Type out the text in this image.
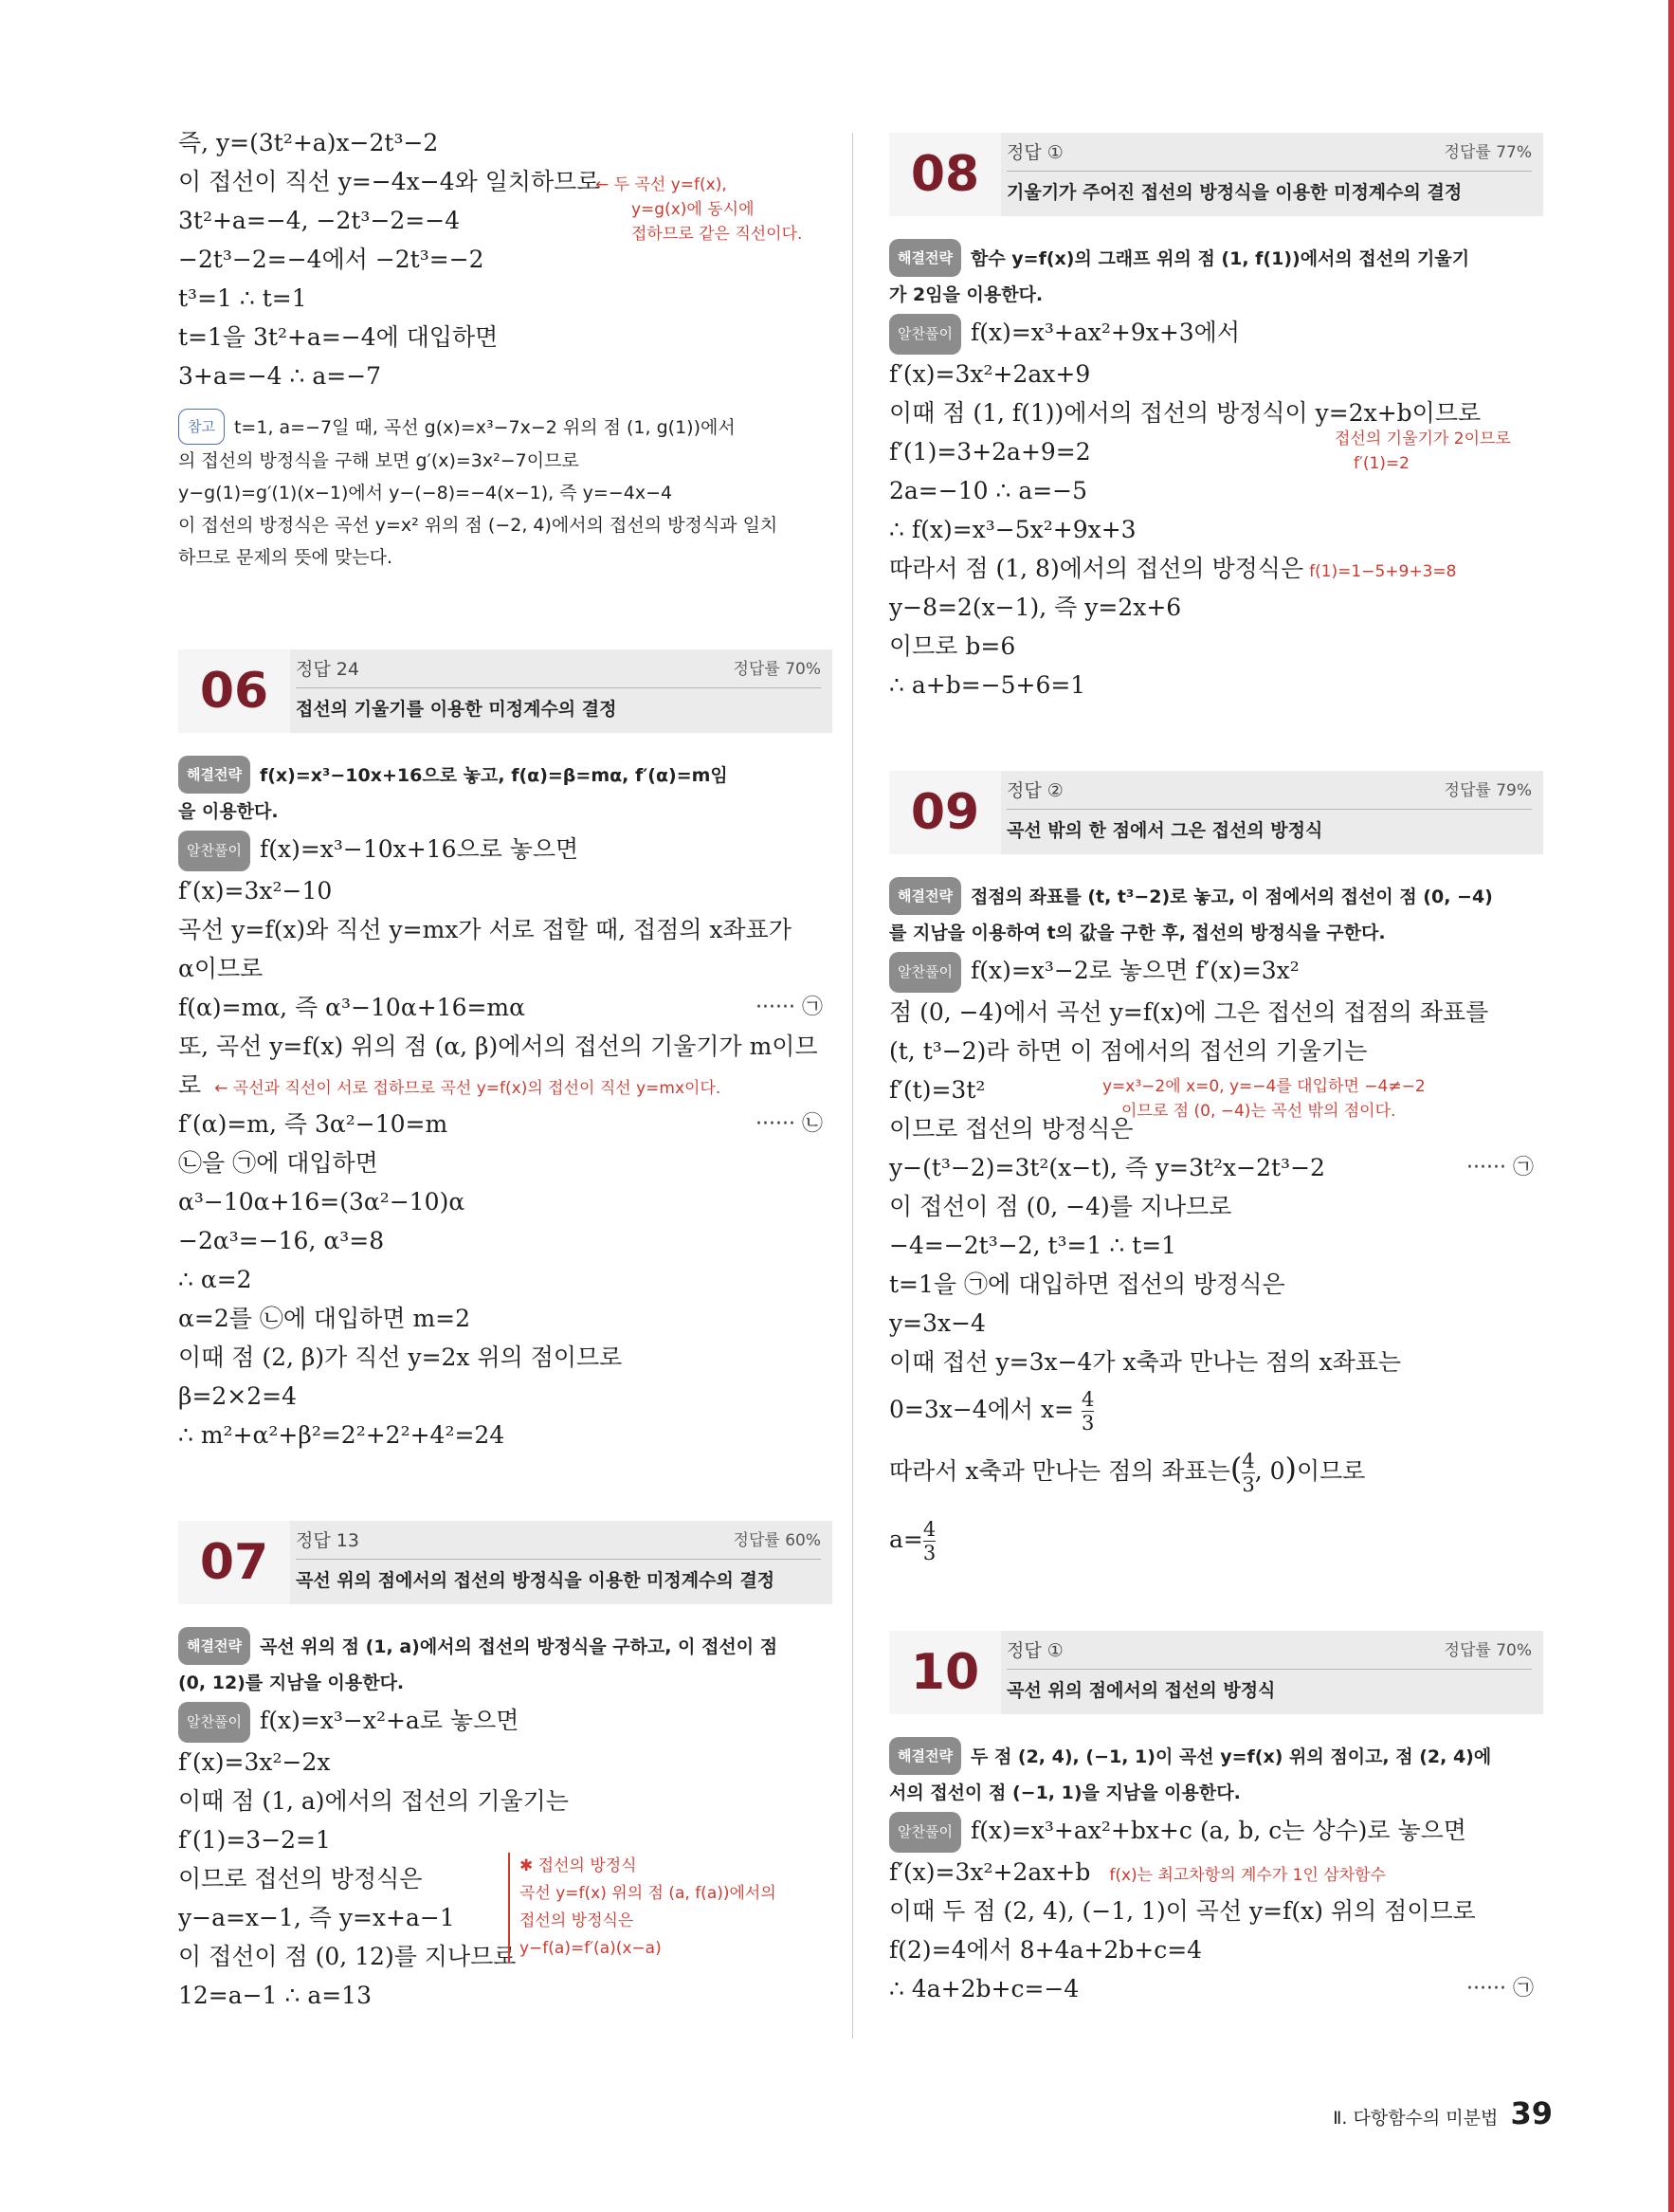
즉, y=(3t²+a)x−2t³−2
이 접선이 직선 y=−4x−4와 일치하므로
3t²+a=−4, −2t³−2=−4
−2t³−2=−4에서 −2t³=−2
t³=1 ∴ t=1
t=1을 3t²+a=−4에 대입하면
3+a=−4 ∴ a=−7
← 두 곡선 y=f(x),
y=g(x)에 동시에
접하므로 같은 직선이다.
참고 t=1, a=−7일 때, 곡선 g(x)=x³−7x−2 위의 점 (1, g(1))에서
의 접선의 방정식을 구해 보면 g′(x)=3x²−7이므로
y−g(1)=g′(1)(x−1)에서 y−(−8)=−4(x−1), 즉 y=−4x−4
이 접선의 방정식은 곡선 y=x² 위의 점 (−2, 4)에서의 접선의 방정식과 일치
하므로 문제의 뜻에 맞는다.
06	정답 24	정답률 70%
접선의 기울기를 이용한 미정계수의 결정
해결전략 f(x)=x³−10x+16으로 놓고, f(α)=β=mα, f′(α)=m임
을 이용한다.
알찬풀이 f(x)=x³−10x+16으로 놓으면
f′(x)=3x²−10
곡선 y=f(x)와 직선 y=mx가 서로 접할 때, 접점의 x좌표가
α이므로
f(α)=mα, 즉 α³−10α+16=mα	······ ㉠
또, 곡선 y=f(x) 위의 점 (α, β)에서의 접선의 기울기가 m이므
로 ← 곡선과 직선이 서로 접하므로 곡선 y=f(x)의 접선이 직선 y=mx이다.
f′(α)=m, 즉 3α²−10=m	······ ㉡
㉡을 ㉠에 대입하면
α³−10α+16=(3α²−10)α
−2α³=−16, α³=8
∴ α=2
α=2를 ㉡에 대입하면 m=2
이때 점 (2, β)가 직선 y=2x 위의 점이므로
β=2×2=4
∴ m²+α²+β²=2²+2²+4²=24
07	정답 13	정답률 60%
곡선 위의 점에서의 접선의 방정식을 이용한 미정계수의 결정
해결전략 곡선 위의 점 (1, a)에서의 접선의 방정식을 구하고, 이 접선이 점
(0, 12)를 지남을 이용한다.
알찬풀이 f(x)=x³−x²+a로 놓으면
f′(x)=3x²−2x
이때 점 (1, a)에서의 접선의 기울기는
f′(1)=3−2=1
이므로 접선의 방정식은
y−a=x−1, 즉 y=x+a−1
이 접선이 점 (0, 12)를 지나므로
12=a−1 ∴ a=13
✱ 접선의 방정식
곡선 y=f(x) 위의 점 (a, f(a))에서의
접선의 방정식은
y−f(a)=f′(a)(x−a)
08	정답 ①	정답률 77%
기울기가 주어진 접선의 방정식을 이용한 미정계수의 결정
해결전략 함수 y=f(x)의 그래프 위의 점 (1, f(1))에서의 접선의 기울기
가 2임을 이용한다.
알찬풀이 f(x)=x³+ax²+9x+3에서
f′(x)=3x²+2ax+9
이때 점 (1, f(1))에서의 접선의 방정식이 y=2x+b이므로
f′(1)=3+2a+9=2
2a=−10 ∴ a=−5
∴ f(x)=x³−5x²+9x+3
따라서 점 (1, 8)에서의 접선의 방정식은 f(1)=1−5+9+3=8
y−8=2(x−1), 즉 y=2x+6
이므로 b=6
∴ a+b=−5+6=1
접선의 기울기가 2이므로
f′(1)=2
09	정답 ②	정답률 79%
곡선 밖의 한 점에서 그은 접선의 방정식
해결전략 접점의 좌표를 (t, t³−2)로 놓고, 이 점에서의 접선이 점 (0, −4)
를 지남을 이용하여 t의 값을 구한 후, 접선의 방정식을 구한다.
알찬풀이 f(x)=x³−2로 놓으면 f′(x)=3x²
점 (0, −4)에서 곡선 y=f(x)에 그은 접선의 접점의 좌표를
(t, t³−2)라 하면 이 점에서의 접선의 기울기는
f′(t)=3t²
이므로 접선의 방정식은
y−(t³−2)=3t²(x−t), 즉 y=3t²x−2t³−2	······ ㉠
이 접선이 점 (0, −4)를 지나므로
−4=−2t³−2, t³=1 ∴ t=1
t=1을 ㉠에 대입하면 접선의 방정식은
y=3x−4
이때 접선 y=3x−4가 x축과 만나는 점의 x좌표는
0=3x−4에서 $x= \frac{4}{3}$
따라서 x축과 만나는 점의 좌표는( $\frac{4}{3}$ , 0)이므로
$a= \frac{4}{3}$
y=x³−2에 x=0, y=−4를 대입하면 −4≠−2
이므로 점 (0, −4)는 곡선 밖의 점이다.
10	정답 ①	정답률 70%
곡선 위의 점에서의 접선의 방정식
해결전략 두 점 (2, 4), (−1, 1)이 곡선 y=f(x) 위의 점이고, 점 (2, 4)에
서의 접선이 점 (−1, 1)을 지남을 이용한다.
알찬풀이 f(x)=x³+ax²+bx+c (a, b, c는 상수)로 놓으면
f′(x)=3x²+2ax+b f(x)는 최고차항의 계수가 1인 삼차함수
이때 두 점 (2, 4), (−1, 1)이 곡선 y=f(x) 위의 점이므로
f(2)=4에서 8+4a+2b+c=4
∴ 4a+2b+c=−4	······ ㉠
Ⅱ. 다항함수의 미분법 39
